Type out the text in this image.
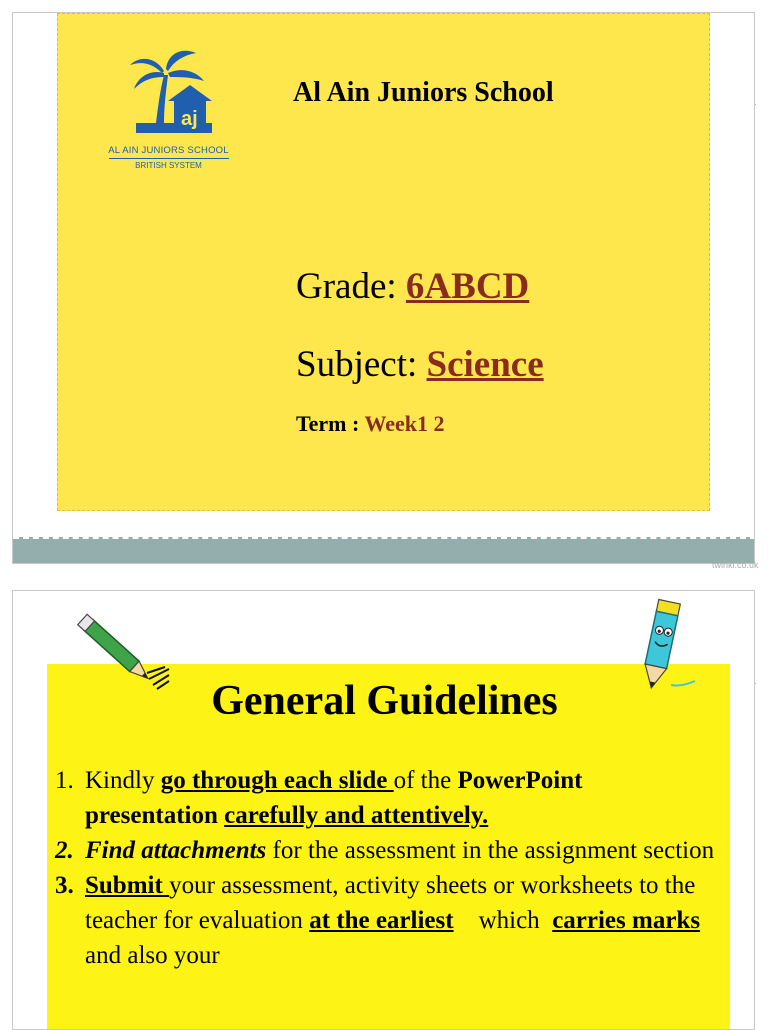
aj
AL AIN JUNIORS SCHOOL
BRITISH SYSTEM
Al Ain Juniors School
Grade: 6ABCD
Subject: Science
Term : Week1 2
twinkl.co.uk
General Guidelines
1. Kindly go through each slide of the PowerPoint presentation carefully and attentively.
2. Find attachments for the assessment in the assignment section
3. Submit your assessment, activity sheets or worksheets to the teacher for evaluation at the earliest    which  carries marks and also your
